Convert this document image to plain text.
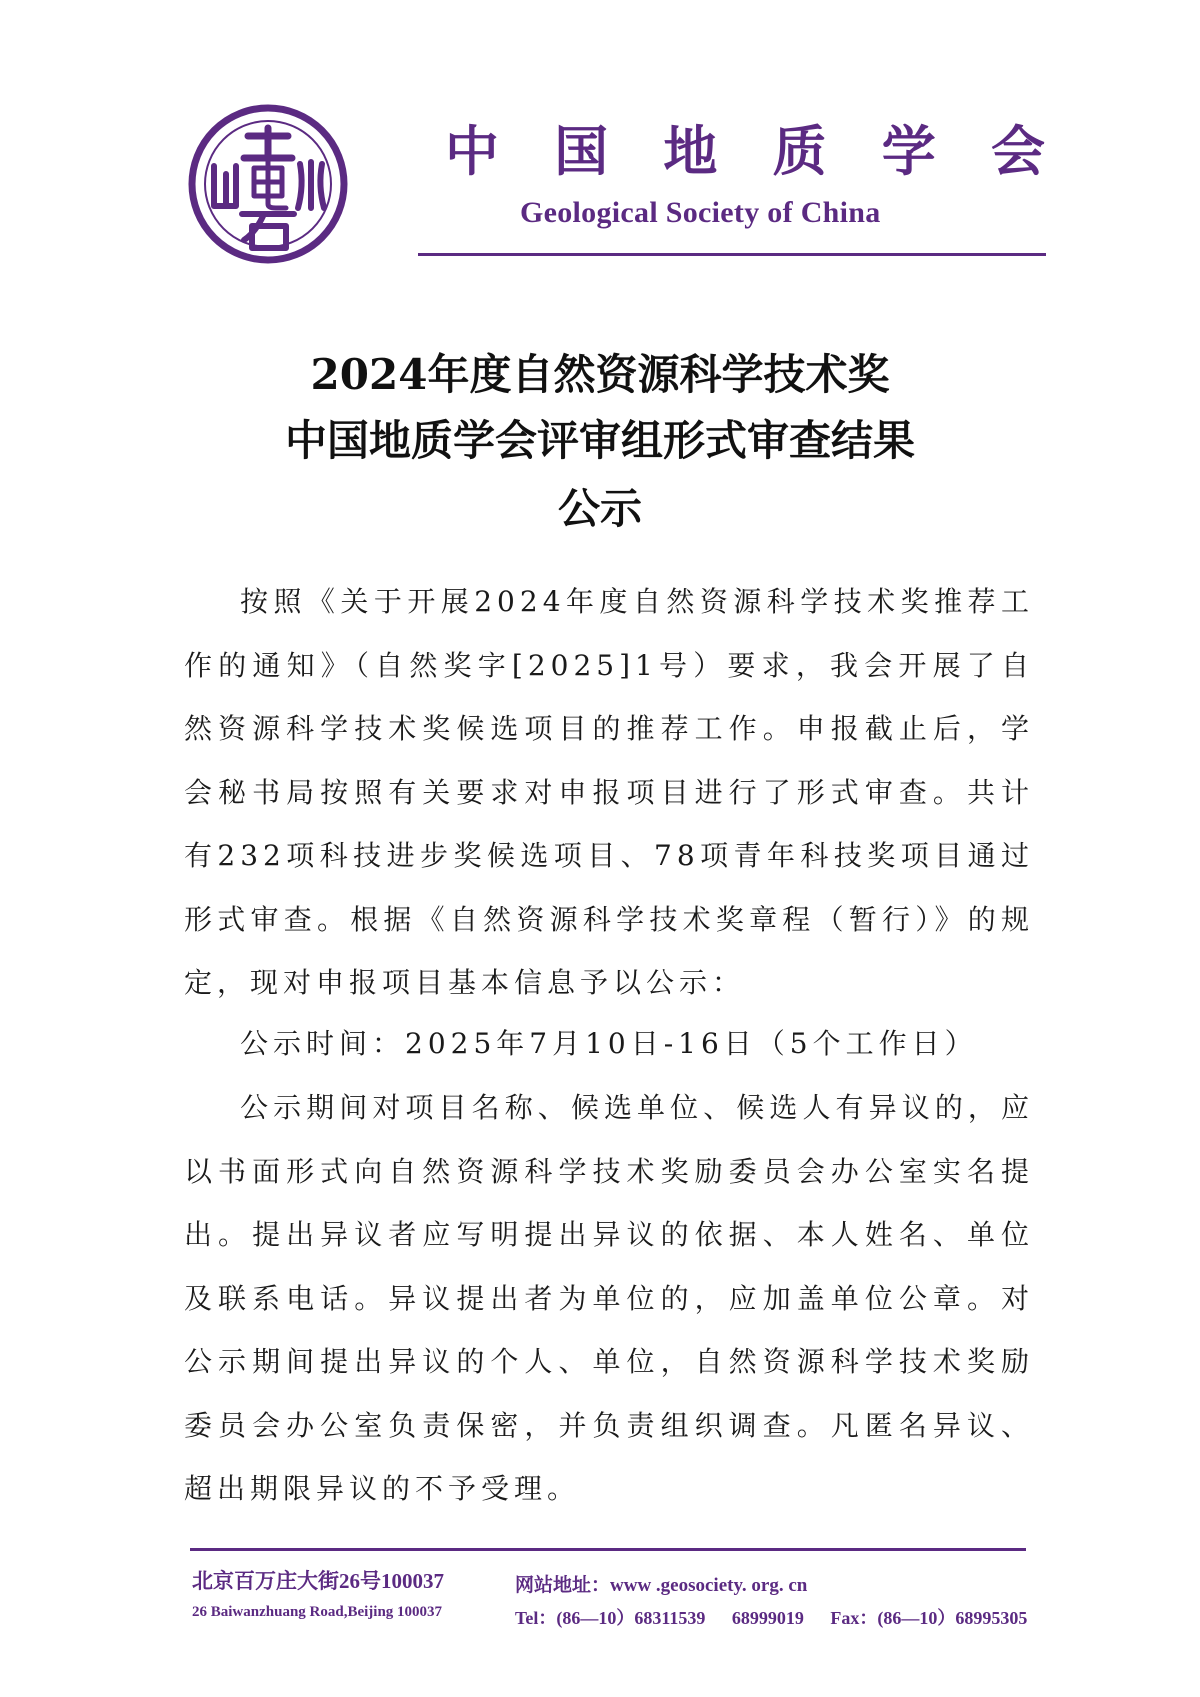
中 国 地 质 学 会
Geological Society of China
2024年度自然资源科学技术奖
中国地质学会评审组形式审查结果
公示

按照《关于开展2024年度自然资源科学技术奖推荐工作的通知》（自然奖字[2025]1号）要求，我会开展了自然资源科学技术奖候选项目的推荐工作。申报截止后，学会秘书局按照有关要求对申报项目进行了形式审查。共计有232项科技进步奖候选项目、78项青年科技奖项目通过形式审查。根据《自然资源科学技术奖章程（暂行）》的规定，现对申报项目基本信息予以公示：

公示时间：2025年7月10日-16日（5个工作日）

公示期间对项目名称、候选单位、候选人有异议的，应以书面形式向自然资源科学技术奖励委员会办公室实名提出。提出异议者应写明提出异议的依据、本人姓名、单位及联系电话。异议提出者为单位的，应加盖单位公章。对公示期间提出异议的个人、单位，自然资源科学技术奖励委员会办公室负责保密，并负责组织调查。凡匿名异议、超出期限异议的不予受理。

北京百万庄大街26号100037
26 Baiwanzhuang Road,Beijing 100037
网站地址：www .geosociety. org. cn
Tel：(86—10）68311539 68999019 Fax：(86—10）68995305
